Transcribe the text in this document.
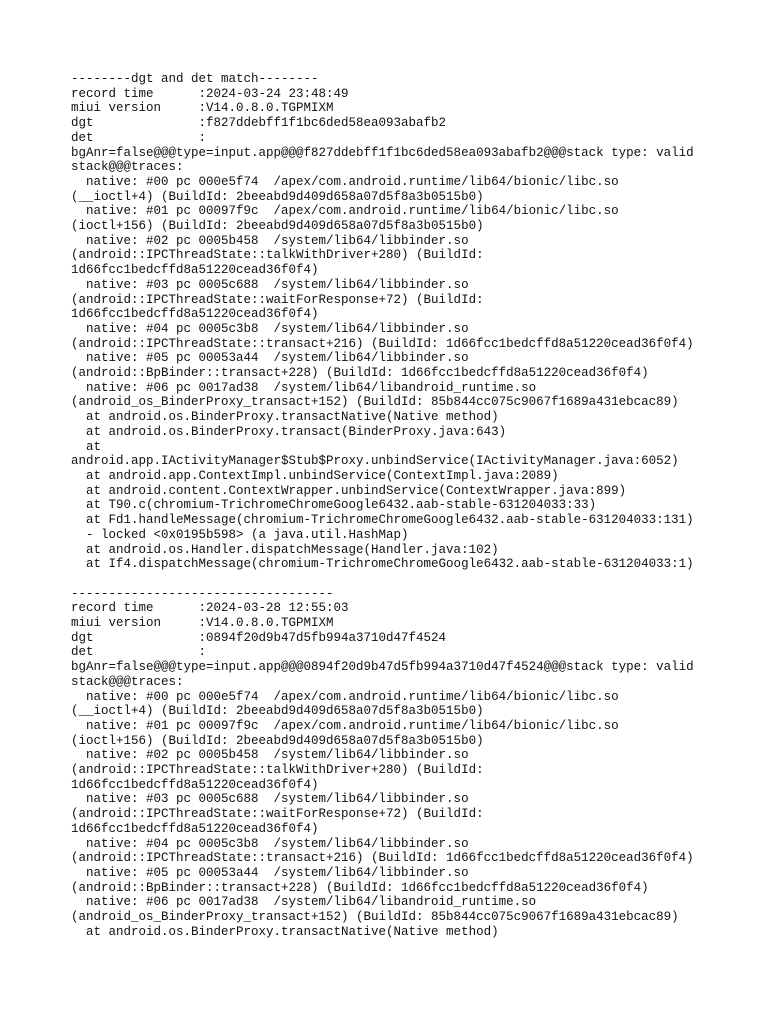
--------dgt and det match--------
record time      :2024-03-24 23:48:49
miui version     :V14.0.8.0.TGPMIXM
dgt              :f827ddebff1f1bc6ded58ea093abafb2
det              :
bgAnr=false@@@type=input.app@@@f827ddebff1f1bc6ded58ea093abafb2@@@stack type: valid
stack@@@traces:
native: #00 pc 000e5f74  /apex/com.android.runtime/lib64/bionic/libc.so
(__ioctl+4) (BuildId: 2beeabd9d409d658a07d5f8a3b0515b0)
native: #01 pc 00097f9c  /apex/com.android.runtime/lib64/bionic/libc.so
(ioctl+156) (BuildId: 2beeabd9d409d658a07d5f8a3b0515b0)
native: #02 pc 0005b458  /system/lib64/libbinder.so
(android::IPCThreadState::talkWithDriver+280) (BuildId:
1d66fcc1bedcffd8a51220cead36f0f4)
native: #03 pc 0005c688  /system/lib64/libbinder.so
(android::IPCThreadState::waitForResponse+72) (BuildId:
1d66fcc1bedcffd8a51220cead36f0f4)
native: #04 pc 0005c3b8  /system/lib64/libbinder.so
(android::IPCThreadState::transact+216) (BuildId: 1d66fcc1bedcffd8a51220cead36f0f4)
native: #05 pc 00053a44  /system/lib64/libbinder.so
(android::BpBinder::transact+228) (BuildId: 1d66fcc1bedcffd8a51220cead36f0f4)
native: #06 pc 0017ad38  /system/lib64/libandroid_runtime.so
(android_os_BinderProxy_transact+152) (BuildId: 85b844cc075c9067f1689a431ebcac89)
at android.os.BinderProxy.transactNative(Native method)
at android.os.BinderProxy.transact(BinderProxy.java:643)
at
android.app.IActivityManager$Stub$Proxy.unbindService(IActivityManager.java:6052)
at android.app.ContextImpl.unbindService(ContextImpl.java:2089)
at android.content.ContextWrapper.unbindService(ContextWrapper.java:899)
at T90.c(chromium-TrichromeChromeGoogle6432.aab-stable-631204033:33)
at Fd1.handleMessage(chromium-TrichromeChromeGoogle6432.aab-stable-631204033:131)
- locked <0x0195b598> (a java.util.HashMap)
at android.os.Handler.dispatchMessage(Handler.java:102)
at If4.dispatchMessage(chromium-TrichromeChromeGoogle6432.aab-stable-631204033:1)
-----------------------------------
record time      :2024-03-28 12:55:03
miui version     :V14.0.8.0.TGPMIXM
dgt              :0894f20d9b47d5fb994a3710d47f4524
det              :
bgAnr=false@@@type=input.app@@@0894f20d9b47d5fb994a3710d47f4524@@@stack type: valid
stack@@@traces:
native: #00 pc 000e5f74  /apex/com.android.runtime/lib64/bionic/libc.so
(__ioctl+4) (BuildId: 2beeabd9d409d658a07d5f8a3b0515b0)
native: #01 pc 00097f9c  /apex/com.android.runtime/lib64/bionic/libc.so
(ioctl+156) (BuildId: 2beeabd9d409d658a07d5f8a3b0515b0)
native: #02 pc 0005b458  /system/lib64/libbinder.so
(android::IPCThreadState::talkWithDriver+280) (BuildId:
1d66fcc1bedcffd8a51220cead36f0f4)
native: #03 pc 0005c688  /system/lib64/libbinder.so
(android::IPCThreadState::waitForResponse+72) (BuildId:
1d66fcc1bedcffd8a51220cead36f0f4)
native: #04 pc 0005c3b8  /system/lib64/libbinder.so
(android::IPCThreadState::transact+216) (BuildId: 1d66fcc1bedcffd8a51220cead36f0f4)
native: #05 pc 00053a44  /system/lib64/libbinder.so
(android::BpBinder::transact+228) (BuildId: 1d66fcc1bedcffd8a51220cead36f0f4)
native: #06 pc 0017ad38  /system/lib64/libandroid_runtime.so
(android_os_BinderProxy_transact+152) (BuildId: 85b844cc075c9067f1689a431ebcac89)
at android.os.BinderProxy.transactNative(Native method)
